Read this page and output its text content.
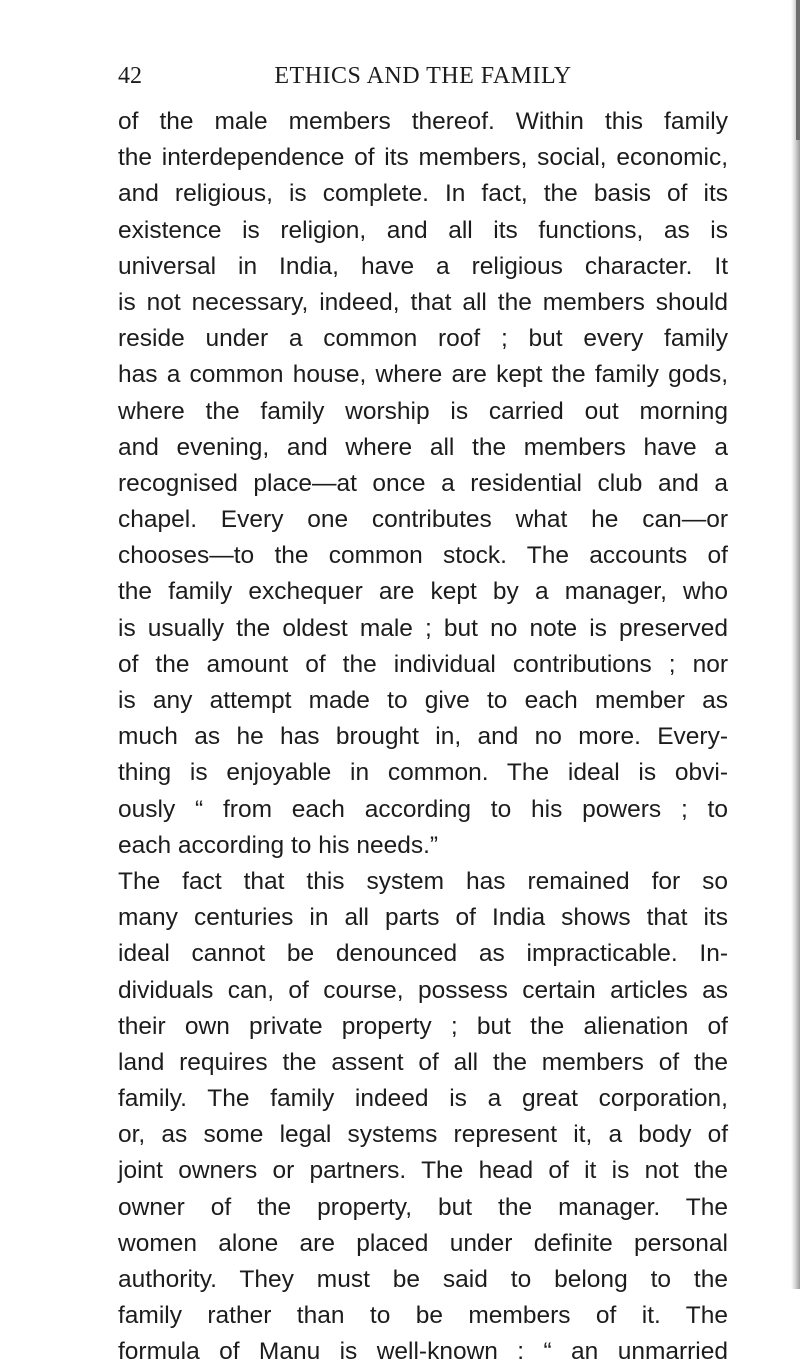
42	ETHICS AND THE FAMILY
of the male members thereof. Within this family
the interdependence of its members, social, economic,
and religious, is complete. In fact, the basis of its
existence is religion, and all its functions, as is
universal in India, have a religious character. It
is not necessary, indeed, that all the members should
reside under a common roof ; but every family
has a common house, where are kept the family gods,
where the family worship is carried out morning
and evening, and where all the members have a
recognised place—at once a residential club and a
chapel. Every one contributes what he can—or
chooses—to the common stock. The accounts of
the family exchequer are kept by a manager, who
is usually the oldest male ; but no note is preserved
of the amount of the individual contributions ; nor
is any attempt made to give to each member as
much as he has brought in, and no more. Every-
thing is enjoyable in common. The ideal is obvi-
ously “ from each according to his powers ; to
each according to his needs.”
The fact that this system has remained for so
many centuries in all parts of India shows that its
ideal cannot be denounced as impracticable. In-
dividuals can, of course, possess certain articles as
their own private property ; but the alienation of
land requires the assent of all the members of the
family. The family indeed is a great corporation,
or, as some legal systems represent it, a body of
joint owners or partners. The head of it is not the
owner of the property, but the manager. The
women alone are placed under definite personal
authority. They must be said to belong to the
family rather than to be members of it. The
formula of Manu is well-known : “ an unmarried
